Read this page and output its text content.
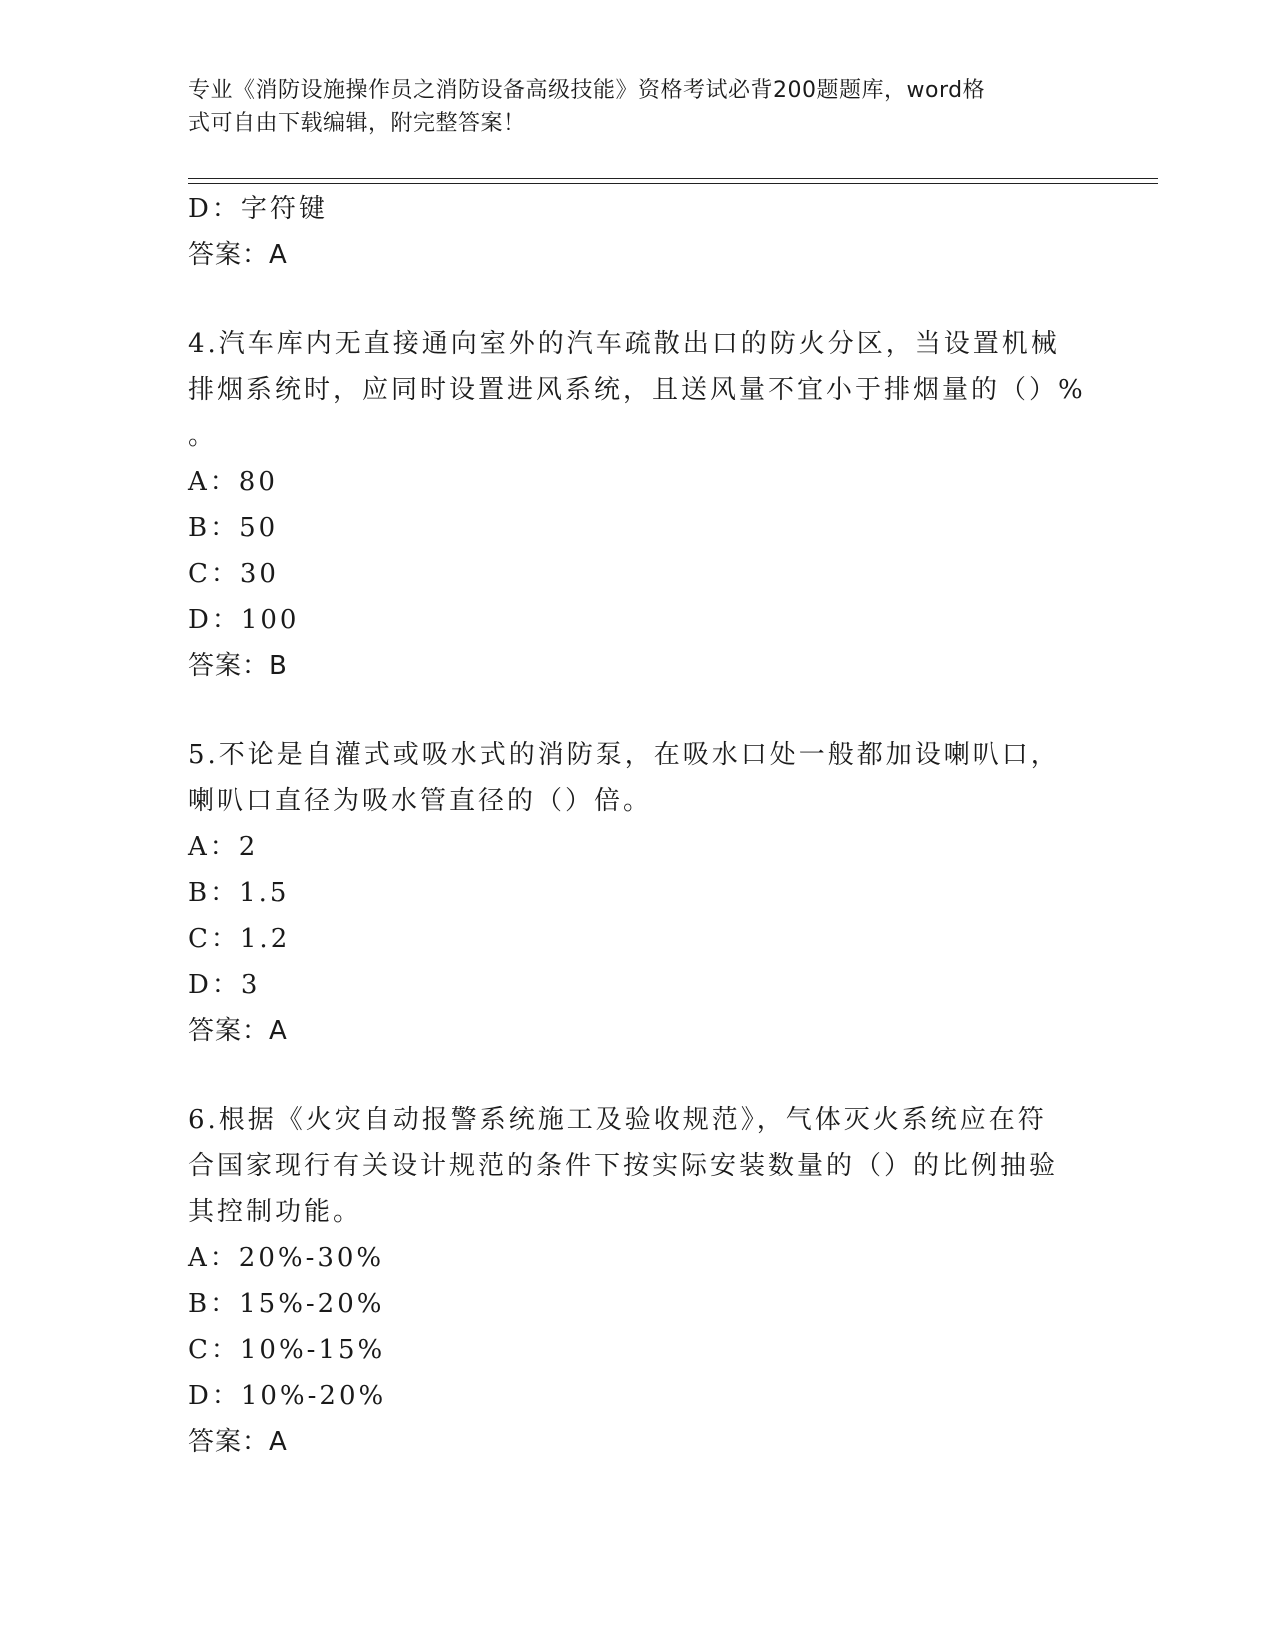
专业《消防设施操作员之消防设备高级技能》资格考试必背200题题库，word格
式可自由下载编辑，附完整答案！
D：字符键
答案：A
4.汽车库内无直接通向室外的汽车疏散出口的防火分区，当设置机械
排烟系统时，应同时设置进风系统，且送风量不宜小于排烟量的（）%
。
A：80
B：50
C：30
D：100
答案：B
5.不论是自灌式或吸水式的消防泵，在吸水口处一般都加设喇叭口，
喇叭口直径为吸水管直径的（）倍。
A：2
B：1.5
C：1.2
D：3
答案：A
6.根据《火灾自动报警系统施工及验收规范》，气体灭火系统应在符
合国家现行有关设计规范的条件下按实际安装数量的（）的比例抽验
其控制功能。
A：20%-30%
B：15%-20%
C：10%-15%
D：10%-20%
答案：A
